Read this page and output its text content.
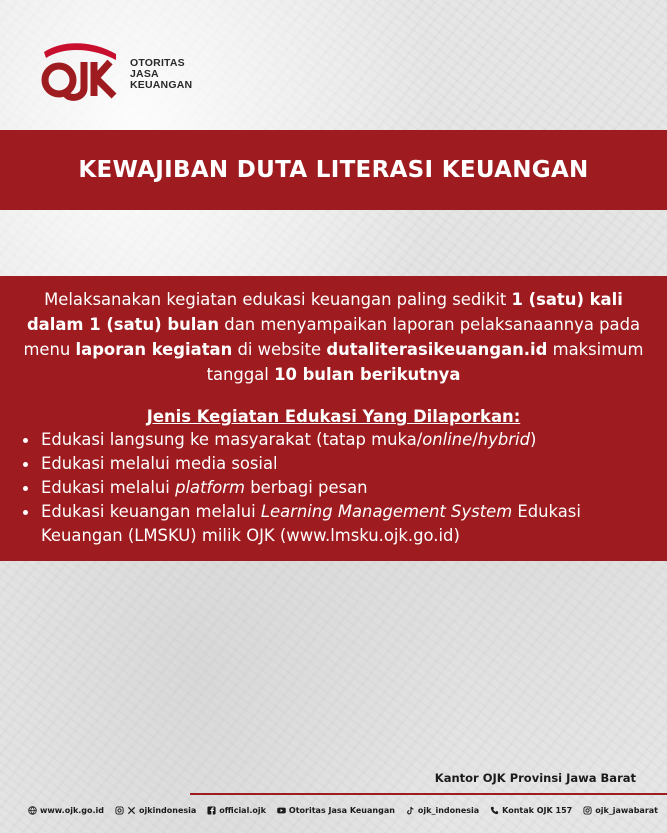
OTORITAS
JASA
KEUANGAN
KEWAJIBAN DUTA LITERASI KEUANGAN

Melaksanakan kegiatan edukasi keuangan paling sedikit 1 (satu) kali dalam 1 (satu) bulan dan menyampaikan laporan pelaksanaannya pada menu laporan kegiatan di website dutaliterasikeuangan.id maksimum tanggal 10 bulan berikutnya

Jenis Kegiatan Edukasi Yang Dilaporkan:
Edukasi langsung ke masyarakat (tatap muka/online/hybrid)
Edukasi melalui media sosial
Edukasi melalui platform berbagi pesan
Edukasi keuangan melalui Learning Management System Edukasi Keuangan (LMSKU) milik OJK (www.lmsku.ojk.go.id)
Kantor OJK Provinsi Jawa Barat
www.ojk.go.id	ojkindonesia	official.ojk	Otoritas Jasa Keuangan	ojk_indonesia	Kontak OJK 157	ojk_jawabarat
